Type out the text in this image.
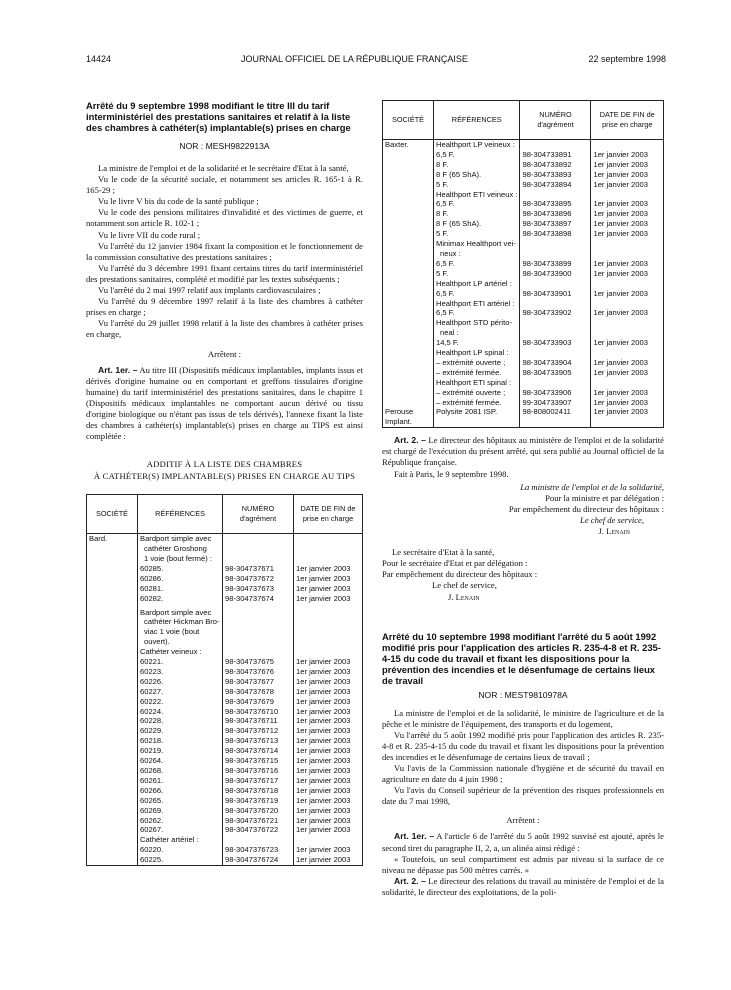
14424	JOURNAL OFFICIEL DE LA RÉPUBLIQUE FRANÇAISE	22 septembre 1998
Arrêté du 9 septembre 1998 modifiant le titre III du tarif interministériel des prestations sanitaires et relatif à la liste des chambres à cathéter(s) implantable(s) prises en charge
NOR : MESH9822913A

La ministre de l'emploi et de la solidarité et le secrétaire d'Etat à la santé,

Vu le code de la sécurité sociale, et notamment ses articles R. 165-1 à R. 165-29 ;

Vu le livre V bis du code de la santé publique ;

Vu le code des pensions militaires d'invalidité et des victimes de guerre, et notamment son article R. 102-1 ;

Vu le livre VII du code rural ;

Vu l'arrêté du 12 janvier 1984 fixant la composition et le fonctionnement de la commission consultative des prestations sanitaires ;

Vu l'arrêté du 3 décembre 1991 fixant certains titres du tarif interministériel des prestations sanitaires, complété et modifié par les textes subséquents ;

Vu l'arrêté du 2 mai 1997 relatif aux implants cardiovasculaires ;

Vu l'arrêté du 9 décembre 1997 relatif à la liste des chambres à cathéter prises en charge ;

Vu l'arrêté du 29 juillet 1998 relatif à la liste des chambres à cathéter prises en charge,

Arrêtent :

Art. 1er. – Au titre III (Dispositifs médicaux implantables, implants issus et dérivés d'origine humaine ou en comportant et greffons tissulaires d'origine humaine) du tarif interministériel des prestations sanitaires, dans le chapitre 1 (Dispositifs médicaux implantables ne comportant aucun dérivé ou tissu d'origine biologique ou n'étant pas issus de tels dérivés), l'annexe fixant la liste des chambres à cathéter(s) implantable(s) prises en charge au TIPS est ainsi complétée :

ADDITIF À LA LISTE DES CHAMBRES
À CATHÉTER(S) IMPLANTABLE(S) PRISES EN CHARGE AU TIPS
SOCIÉTÉ	RÉFÉRENCES	NUMÉRO d'agrément	DATE DE FIN de prise en charge
Bard.	Bardport simple avec		
	cathéter Groshong		
	1 voie (bout fermé) :		
	60285.	98-304737671	1er janvier 2003
	60286.	98-304737672	1er janvier 2003
	60281.	98-304737673	1er janvier 2003
	60282.	98-304737674	1er janvier 2003

	Bardport simple avec		
	cathéter Hickman Bro-		
	viac 1 voie (bout		
	ouvert).		
	Cathéter veineux :		
	60221.	98-304737675	1er janvier 2003
	60223.	98-304737676	1er janvier 2003
	60226.	98-304737677	1er janvier 2003
	60227.	98-304737678	1er janvier 2003
	60222.	98-304737679	1er janvier 2003
	60224.	98-3047376710	1er janvier 2003
	60228.	98-3047376711	1er janvier 2003
	60229.	98-3047376712	1er janvier 2003
	60218.	98-3047376713	1er janvier 2003
	60219.	98-3047376714	1er janvier 2003
	60264.	98-3047376715	1er janvier 2003
	60268.	98-3047376716	1er janvier 2003
	60261.	98-3047376717	1er janvier 2003
	60266.	98-3047376718	1er janvier 2003
	60265.	98-3047376719	1er janvier 2003
	60269.	98-3047376720	1er janvier 2003
	60262.	98-3047376721	1er janvier 2003
	60267.	98-3047376722	1er janvier 2003
	Cathéter artériel :		
	60220.	98-3047376723	1er janvier 2003
	60225.	98-3047376724	1er janvier 2003
SOCIÉTÉ	RÉFÉRENCES	NUMÉRO d'agrément	DATE DE FIN de prise en charge
Baxter.	Healthport LP veineux :		
	6,5 F.	98-304733891	1er janvier 2003
	8 F.	98-304733892	1er janvier 2003
	8 F (65 ShA).	98-304733893	1er janvier 2003
	5 F.	98-304733894	1er janvier 2003
	Healthport ETI veineux :		
	6,5 F.	98-304733895	1er janvier 2003
	8 F.	98-304733896	1er janvier 2003
	8 F (65 ShA).	98-304733897	1er janvier 2003
	5 F.	98-304733898	1er janvier 2003
	Minimax Healthport vei-		
	neux :		
	6,5 F.	98-304733899	1er janvier 2003
	5 F.	98-304733900	1er janvier 2003
	Healthport LP artériel :		
	6,5 F.	98-304733901	1er janvier 2003
	Healthport ETI artériel :		
	6,5 F.	98-304733902	1er janvier 2003
	Healthport STD périto-		
	neal :		
	14,5 F.	98-304733903	1er janvier 2003
	Healthport LP spinal :		
	– extrémité ouverte ;	98-304733904	1er janvier 2003
	– extrémité fermée.	98-304733905	1er janvier 2003
	Healthport ETI spinal :		
	– extrémité ouverte ;	98-304733906	1er janvier 2003
	– extrémité fermée.	99-304733907	1er janvier 2003
Perouse	Polysite 2081 ISP.	98-808002411	1er janvier 2003
Implant.			

Art. 2. – Le directeur des hôpitaux au ministère de l'emploi et de la solidarité est chargé de l'exécution du présent arrêté, qui sera publié au Journal officiel de la République française.

Fait à Paris, le 9 septembre 1998.

La ministre de l'emploi et de la solidarité,

Pour la ministre et par délégation :

Par empêchement du directeur des hôpitaux :

Le chef de service,

J. Lenain

Le secrétaire d'Etat à la santé,

Pour le secrétaire d'Etat et par délégation :

Par empêchement du directeur des hôpitaux :

Le chef de service,

J. Lenain

Arrêté du 10 septembre 1998 modifiant l'arrêté du 5 août 1992 modifié pris pour l'application des articles R. 235-4-8 et R. 235-4-15 du code du travail et fixant les dispositions pour la prévention des incendies et le désenfumage de certains lieux de travail
NOR : MEST9810978A

La ministre de l'emploi et de la solidarité, le ministre de l'agriculture et de la pêche et le ministre de l'équipement, des transports et du logement,

Vu l'arrêté du 5 août 1992 modifié pris pour l'application des articles R. 235-4-8 et R. 235-4-15 du code du travail et fixant les dispositions pour la prévention des incendies et le désenfumage de certains lieux de travail ;

Vu l'avis de la Commission nationale d'hygiène et de sécurité du travail en agriculture en date du 4 juin 1998 ;

Vu l'avis du Conseil supérieur de la prévention des risques professionnels en date du 7 mai 1998,

Arrêtent :

Art. 1er. – A l'article 6 de l'arrêté du 5 août 1992 susvisé est ajouté, après le second tiret du paragraphe II, 2, a, un alinéa ainsi rédigé :

« Toutefois, un seul compartiment est admis par niveau si la surface de ce niveau ne dépasse pas 500 mètres carrés. »

Art. 2. – Le directeur des relations du travail au ministère de l'emploi et de la solidarité, le directeur des exploitations, de la poli-
